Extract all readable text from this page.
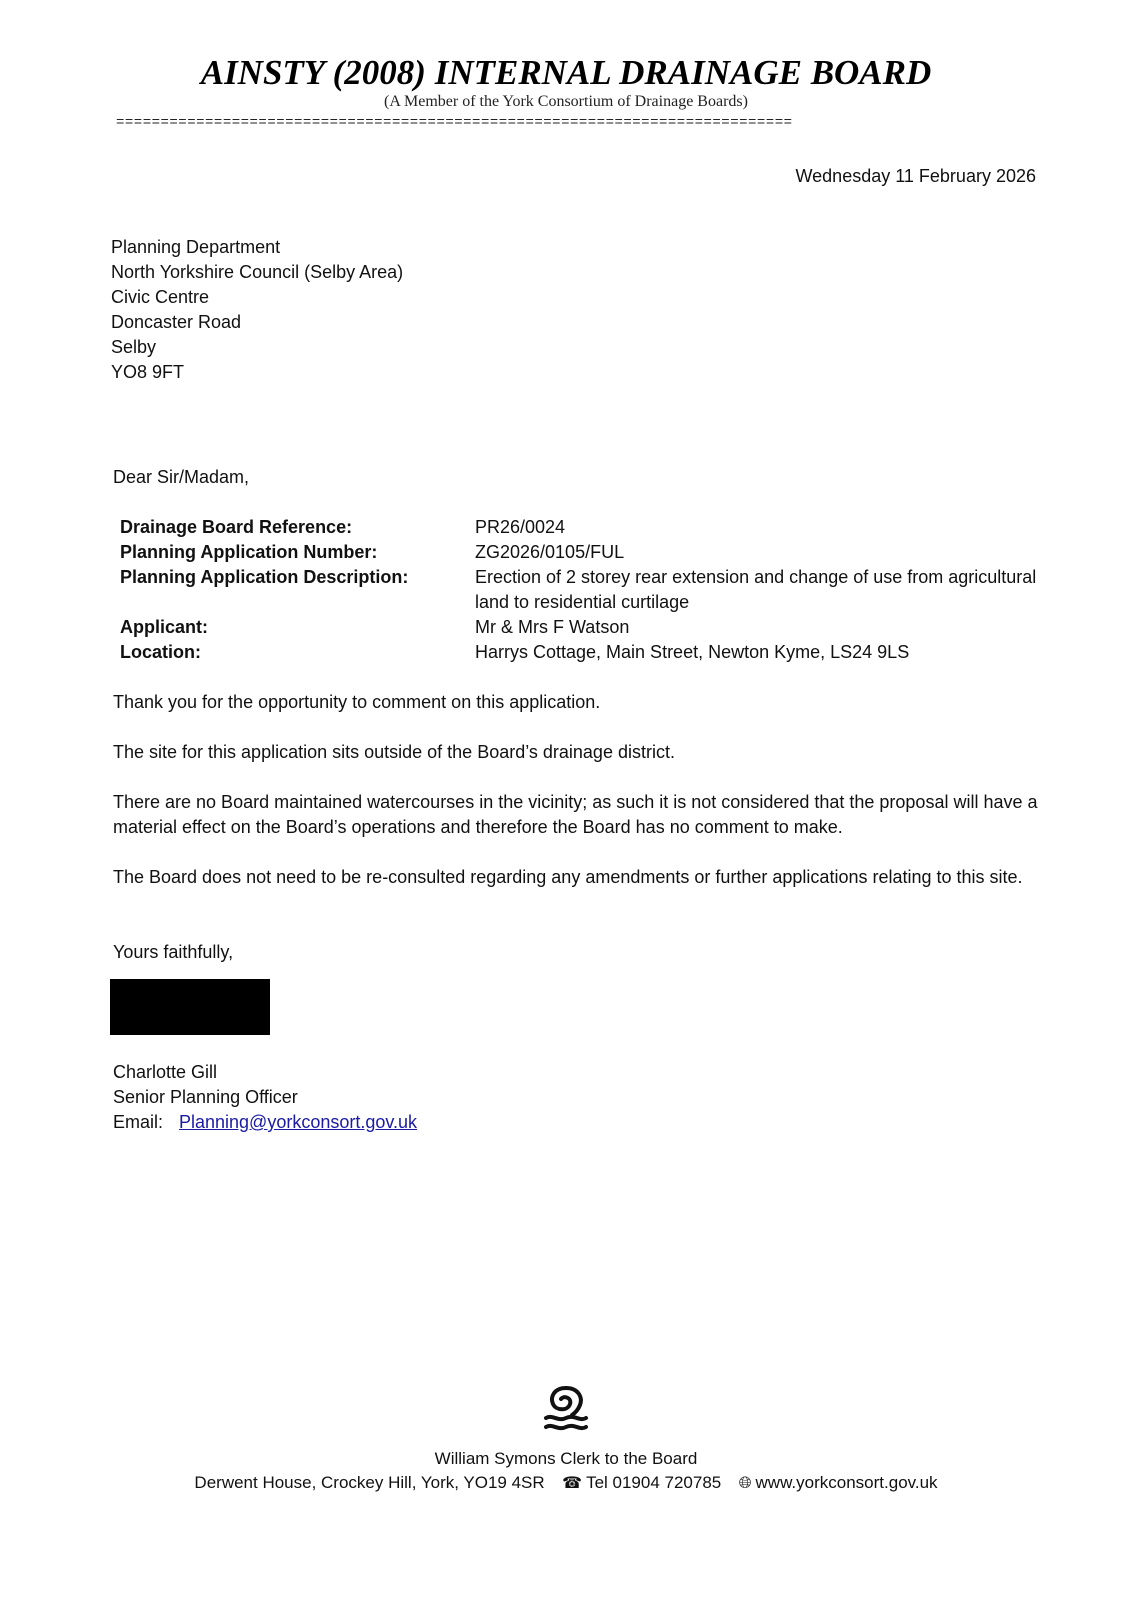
AINSTY (2008) INTERNAL DRAINAGE BOARD
(A Member of the York Consortium of Drainage Boards)
============================================================================
Wednesday 11 February 2026
Planning Department
North Yorkshire Council (Selby Area)
Civic Centre
Doncaster Road
Selby
YO8 9FT
Dear Sir/Madam,
Drainage Board Reference:	PR26/0024
Planning Application Number:	ZG2026/0105/FUL
Planning Application Description:	Erection of 2 storey rear extension and change of use from agricultural land to residential curtilage
Applicant:	Mr & Mrs F Watson
Location:	Harrys Cottage, Main Street, Newton Kyme, LS24 9LS

Thank you for the opportunity to comment on this application.

The site for this application sits outside of the Board’s drainage district.

There are no Board maintained watercourses in the vicinity; as such it is not considered that the proposal will have a material effect on the Board’s operations and therefore the Board has no comment to make.

The Board does not need to be re-consulted regarding any amendments or further applications relating to this site.

Yours faithfully,
Charlotte Gill
Senior Planning Officer
Email: Planning@yorkconsort.gov.uk
William Symons Clerk to the Board
Derwent House, Crockey Hill, York, YO19 4SR ☎ Tel 01904 720785 🌐︎ www.yorkconsort.gov.uk
